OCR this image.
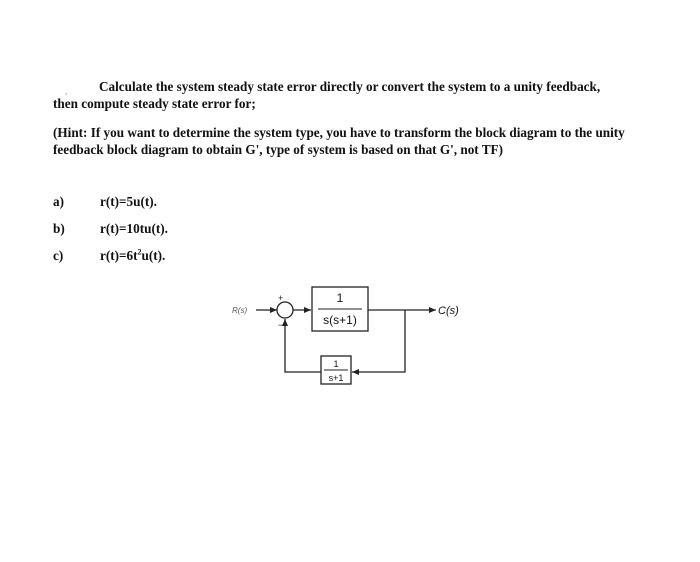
,	Calculate the system steady state error directly or convert the system to a unity feedback, then compute steady state error for;
(Hint: If you want to determine the system type, you have to transform the block diagram to the unity feedback block diagram to obtain G', type of system is based on that G', not TF)
a)	r(t)=5u(t).
b)	r(t)=10tu(t).
c)	$r(t)=6t^2u(t)$.
R(s)
+
−
1
s(s+1)
C(s)
1
s+1
